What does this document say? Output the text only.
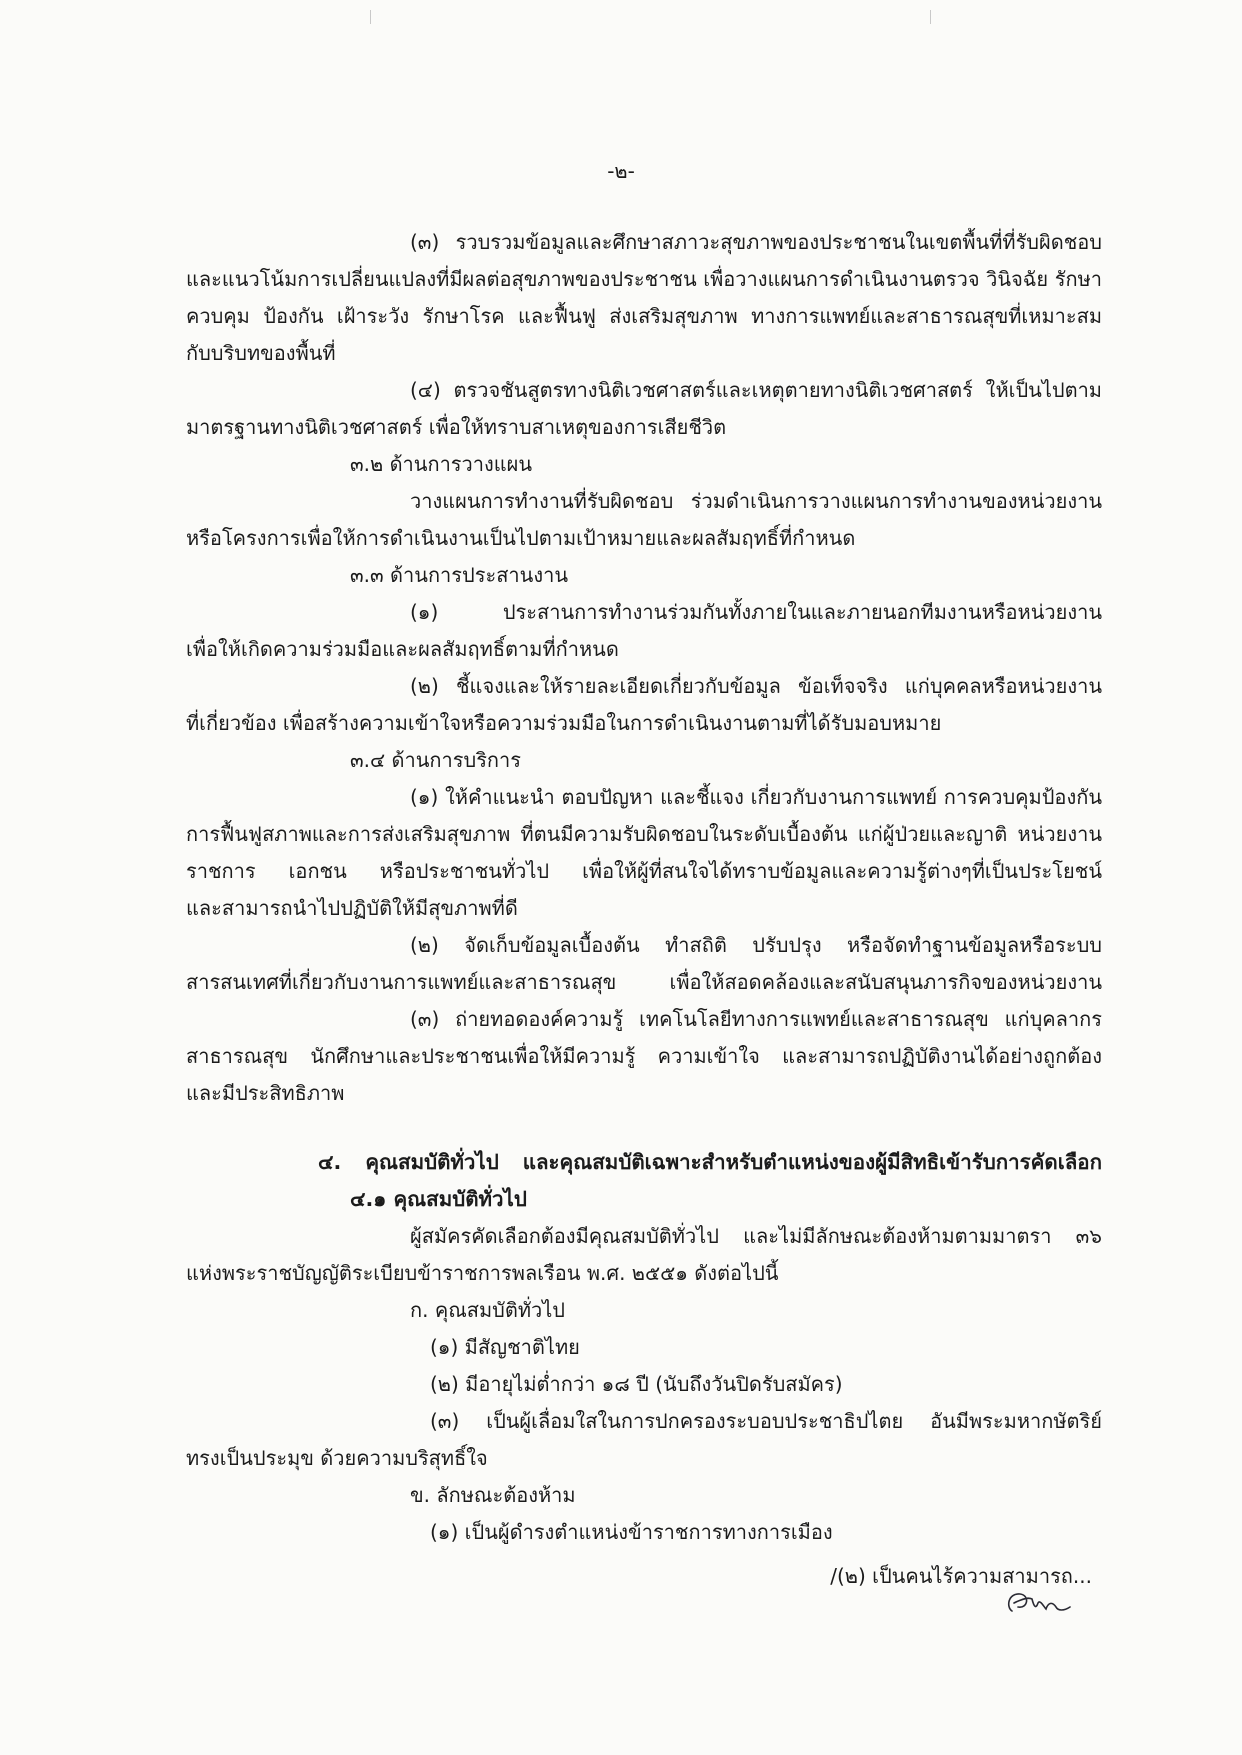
-๒-
(๓) รวบรวมข้อมูลและศึกษาสภาวะสุขภาพของประชาชนในเขตพื้นที่ที่รับผิดชอบ
และแนวโน้มการเปลี่ยนแปลงที่มีผลต่อสุขภาพของประชาชน เพื่อวางแผนการดำเนินงานตรวจ วินิจฉัย รักษา
ควบคุม ป้องกัน เฝ้าระวัง รักษาโรค และฟื้นฟู ส่งเสริมสุขภาพ ทางการแพทย์และสาธารณสุขที่เหมาะสม
กับบริบทของพื้นที่
(๔) ตรวจชันสูตรทางนิติเวชศาสตร์และเหตุตายทางนิติเวชศาสตร์ ให้เป็นไปตาม
มาตรฐานทางนิติเวชศาสตร์ เพื่อให้ทราบสาเหตุของการเสียชีวิต
๓.๒ ด้านการวางแผน
วางแผนการทำงานที่รับผิดชอบ ร่วมดำเนินการวางแผนการทำงานของหน่วยงาน
หรือโครงการเพื่อให้การดำเนินงานเป็นไปตามเป้าหมายและผลสัมฤทธิ์ที่กำหนด
๓.๓ ด้านการประสานงาน
(๑) ประสานการทำงานร่วมกันทั้งภายในและภายนอกทีมงานหรือหน่วยงาน
เพื่อให้เกิดความร่วมมือและผลสัมฤทธิ์ตามที่กำหนด
(๒) ชี้แจงและให้รายละเอียดเกี่ยวกับข้อมูล ข้อเท็จจริง แก่บุคคลหรือหน่วยงาน
ที่เกี่ยวข้อง เพื่อสร้างความเข้าใจหรือความร่วมมือในการดำเนินงานตามที่ได้รับมอบหมาย
๓.๔ ด้านการบริการ
(๑) ให้คำแนะนำ ตอบปัญหา และชี้แจง เกี่ยวกับงานการแพทย์ การควบคุมป้องกัน
การฟื้นฟูสภาพและการส่งเสริมสุขภาพ ที่ตนมีความรับผิดชอบในระดับเบื้องต้น แก่ผู้ป่วยและญาติ หน่วยงาน
ราชการ เอกชน หรือประชาชนทั่วไป เพื่อให้ผู้ที่สนใจได้ทราบข้อมูลและความรู้ต่างๆที่เป็นประโยชน์
และสามารถนำไปปฏิบัติให้มีสุขภาพที่ดี
(๒) จัดเก็บข้อมูลเบื้องต้น ทำสถิติ ปรับปรุง หรือจัดทำฐานข้อมูลหรือระบบ
สารสนเทศที่เกี่ยวกับงานการแพทย์และสาธารณสุข เพื่อให้สอดคล้องและสนับสนุนภารกิจของหน่วยงาน
(๓) ถ่ายทอดองค์ความรู้ เทคโนโลยีทางการแพทย์และสาธารณสุข แก่บุคลากร
สาธารณสุข นักศึกษาและประชาชนเพื่อให้มีความรู้ ความเข้าใจ และสามารถปฏิบัติงานได้อย่างถูกต้อง
และมีประสิทธิภาพ
๔. คุณสมบัติทั่วไป และคุณสมบัติเฉพาะสำหรับตำแหน่งของผู้มีสิทธิเข้ารับการคัดเลือก
๔.๑ คุณสมบัติทั่วไป
ผู้สมัครคัดเลือกต้องมีคุณสมบัติทั่วไป และไม่มีลักษณะต้องห้ามตามมาตรา ๓๖
แห่งพระราชบัญญัติระเบียบข้าราชการพลเรือน พ.ศ. ๒๕๕๑ ดังต่อไปนี้
ก. คุณสมบัติทั่วไป
(๑) มีสัญชาติไทย
(๒) มีอายุไม่ต่ำกว่า ๑๘ ปี (นับถึงวันปิดรับสมัคร)
(๓) เป็นผู้เลื่อมใสในการปกครองระบอบประชาธิปไตย อันมีพระมหากษัตริย์
ทรงเป็นประมุข ด้วยความบริสุทธิ์ใจ
ข. ลักษณะต้องห้าม
(๑) เป็นผู้ดำรงตำแหน่งข้าราชการทางการเมือง
/(๒) เป็นคนไร้ความสามารถ...
